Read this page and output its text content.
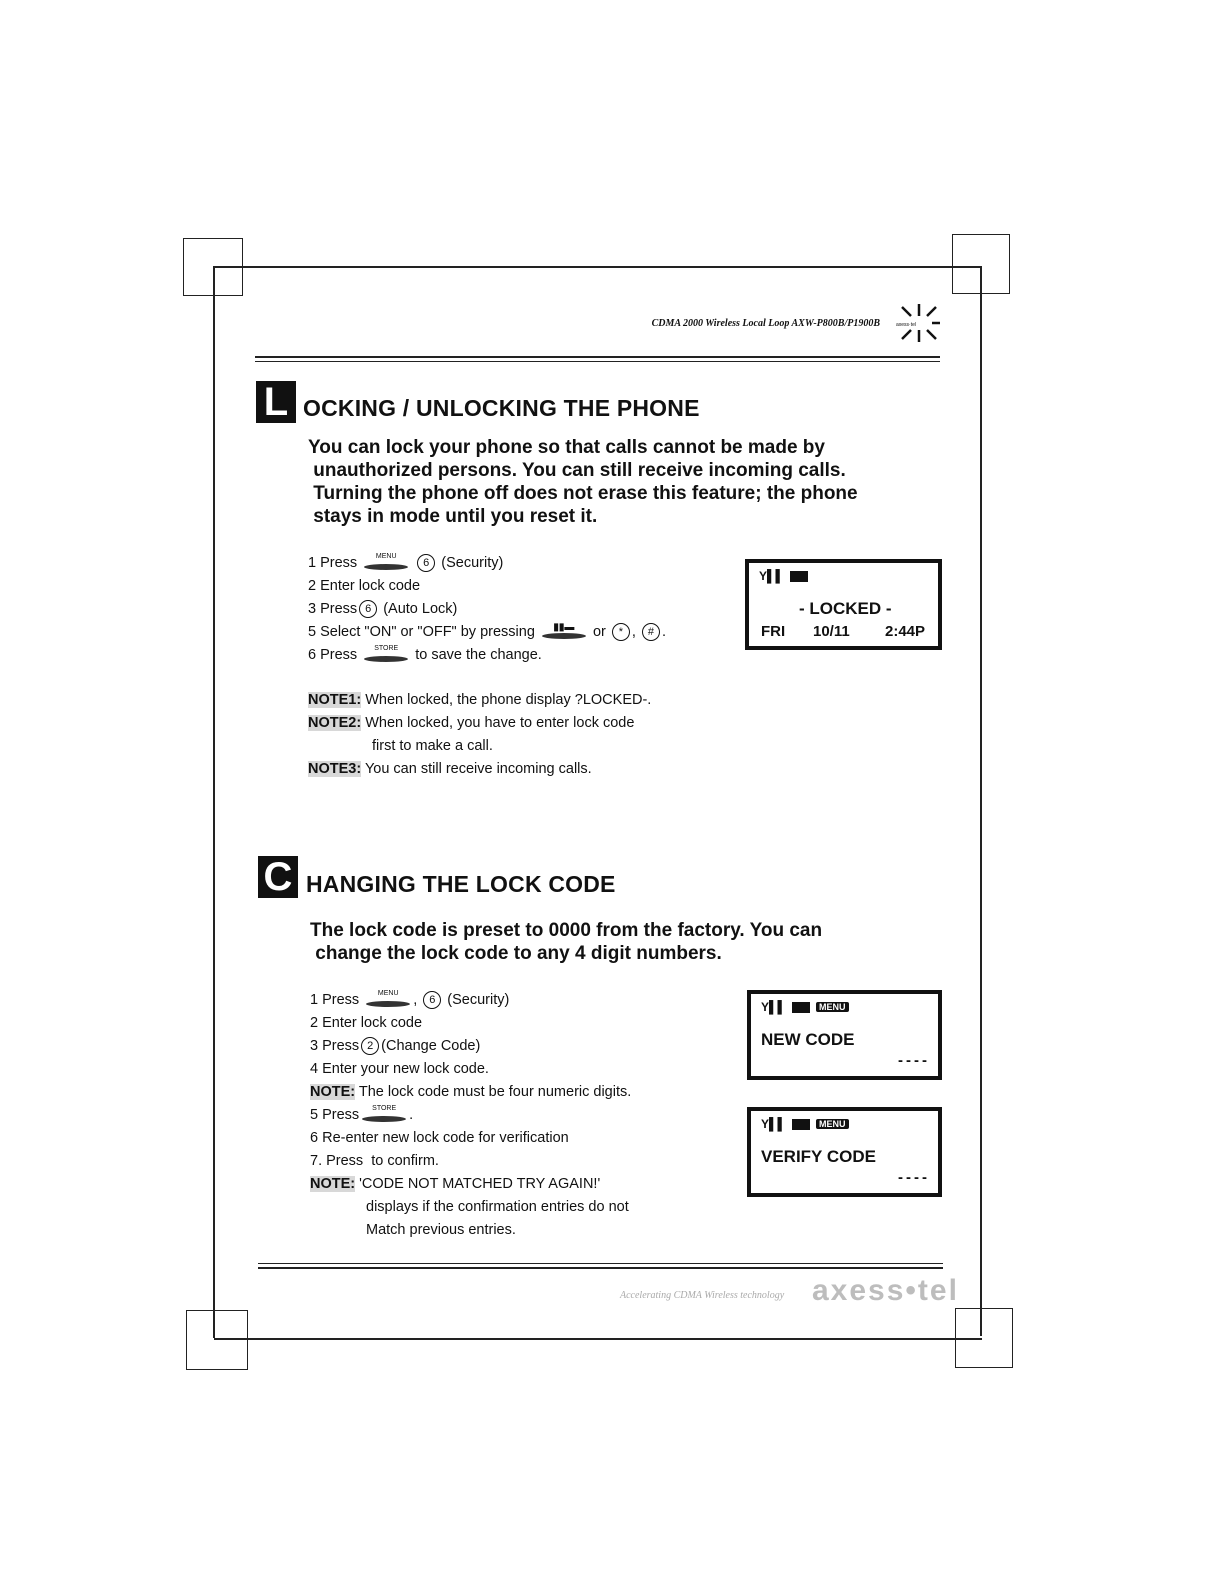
CDMA 2000 Wireless Local Loop AXW-P800B/P1900B	axess·tel
L OCKING / UNLOCKING THE PHONE
You can lock your phone so that calls cannot be made by
unauthorized persons. You can still receive incoming calls.
Turning the phone off does not erase this feature; the phone
stays in mode until you reset it.
1 Press	MENU
6 (Security)
2 Enter lock code
3 Press 6 (Auto Lock)
5 Select "ON" or "OFF" by pressing	▮▮▬	or * , # .
6 Press	STORE	to save the change.
NOTE1: When locked, the phone display ?LOCKED-.
NOTE2: When locked, you have to enter lock code
first to make a call.
NOTE3: You can still receive incoming calls.
Y▌▌
- LOCKED -
FRI 10/11 2:44P
C HANGING THE LOCK CODE
The lock code is preset to 0000 from the factory. You can
change the lock code to any 4 digit numbers.
1 Press	MENU	, 6 (Security)
2 Enter lock code
3 Press 2 (Change Code)
4 Enter your new lock code.
NOTE: The lock code must be four numeric digits.
5 Press	STORE .
6 Re-enter new lock code for verification
7. Press  to confirm.
NOTE: 'CODE NOT MATCHED TRY AGAIN!'
displays if the confirmation entries do not
Match previous entries.
Y▌▌	MENU
NEW CODE
----
Y▌▌	MENU
VERIFY CODE
----
Accelerating CDMA Wireless technology axess•tel
